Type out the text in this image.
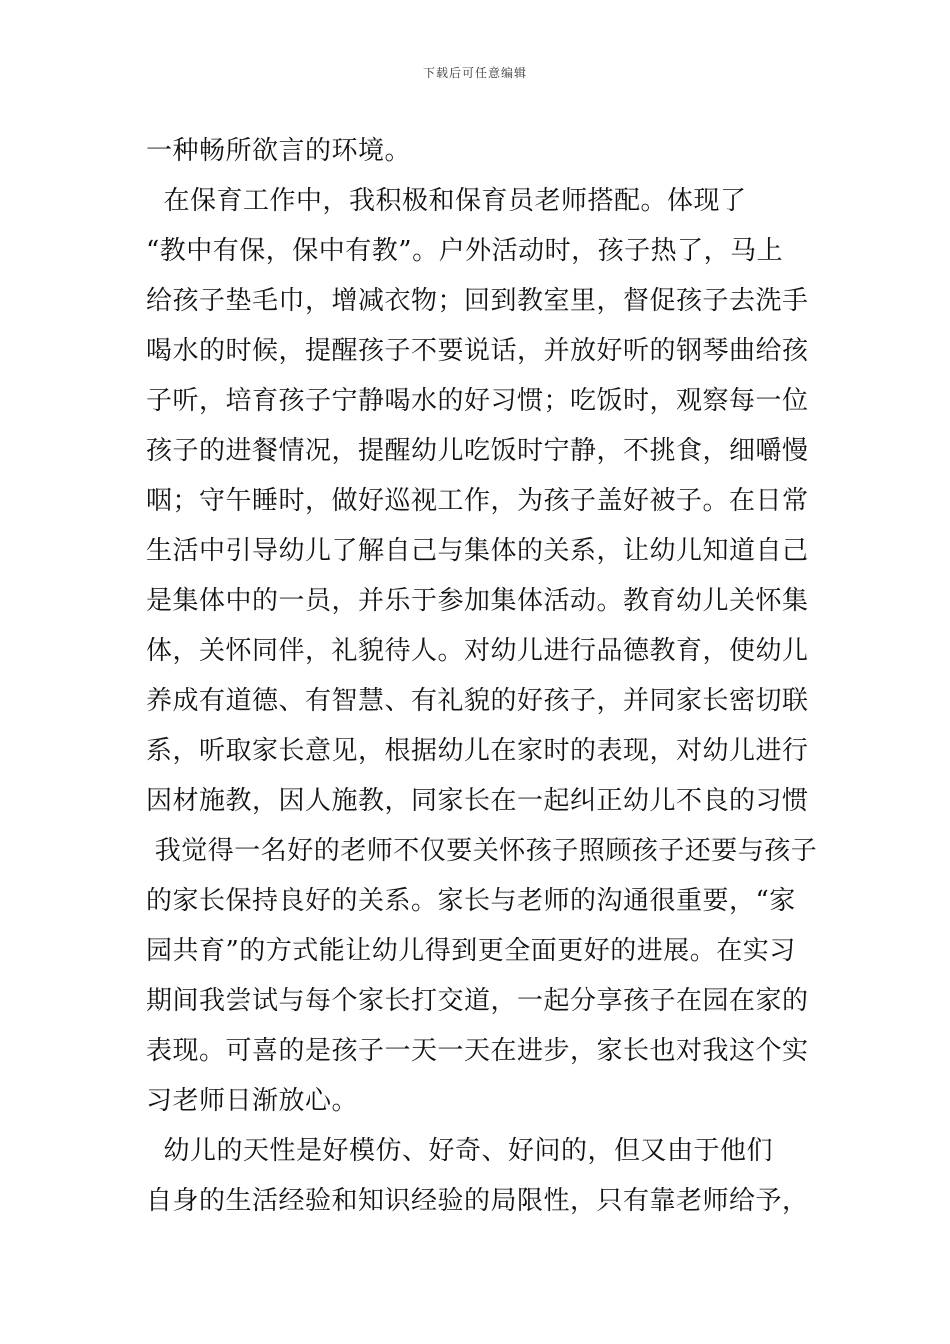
下载后可任意编辑
一种畅所欲言的环境。
在保育工作中，我积极和保育员老师搭配。体现了
“教中有保，保中有教”。户外活动时，孩子热了，马上
给孩子垫毛巾，增减衣物；回到教室里，督促孩子去洗手
喝水的时候，提醒孩子不要说话，并放好听的钢琴曲给孩
子听，培育孩子宁静喝水的好习惯；吃饭时，观察每一位
孩子的进餐情况，提醒幼儿吃饭时宁静，不挑食，细嚼慢
咽；守午睡时，做好巡视工作，为孩子盖好被子。在日常
生活中引导幼儿了解自己与集体的关系，让幼儿知道自己
是集体中的一员，并乐于参加集体活动。教育幼儿关怀集
体，关怀同伴，礼貌待人。对幼儿进行品德教育，使幼儿
养成有道德、有智慧、有礼貌的好孩子，并同家长密切联
系，听取家长意见，根据幼儿在家时的表现，对幼儿进行
因材施教，因人施教，同家长在一起纠正幼儿不良的习惯
我觉得一名好的老师不仅要关怀孩子照顾孩子还要与孩子
的家长保持良好的关系。家长与老师的沟通很重要，“家
园共育”的方式能让幼儿得到更全面更好的进展。在实习
期间我尝试与每个家长打交道，一起分享孩子在园在家的
表现。可喜的是孩子一天一天在进步，家长也对我这个实
习老师日渐放心。
幼儿的天性是好模仿、好奇、好问的，但又由于他们
自身的生活经验和知识经验的局限性，只有靠老师给予，
